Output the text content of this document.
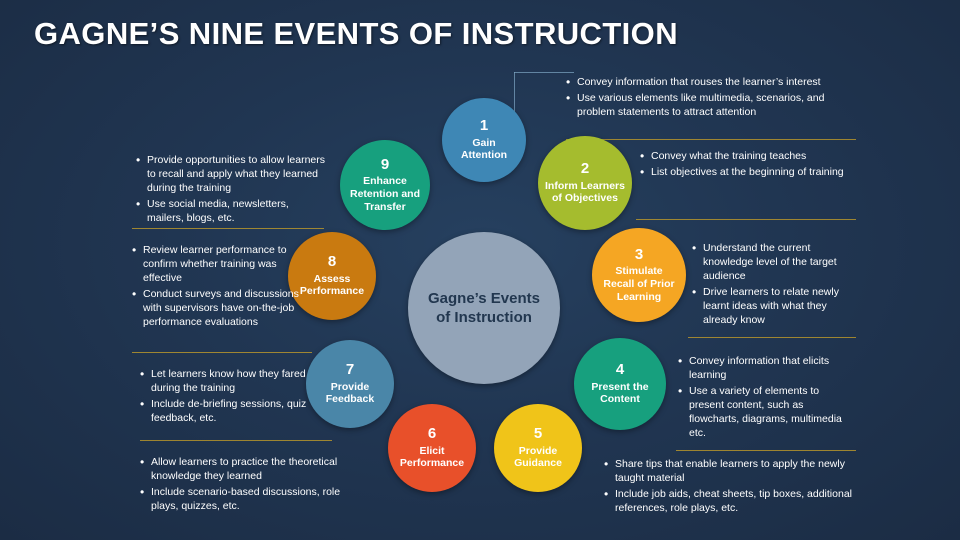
GAGNE’S NINE EVENTS OF INSTRUCTION
Gagne’s Events of Instruction
1
Gain Attention
2
Inform Learners of Objectives
3
Stimulate Recall of Prior Learning
4
Present the Content
5
Provide Guidance
6
Elicit Performance
7
Provide Feedback
8
Assess Performance
9
Enhance Retention and Transfer
• Convey information that rouses the learner’s interest
• Use various elements like multimedia, scenarios, and problem statements to attract attention
• Convey what the training teaches
• List objectives at the beginning of training
• Understand the current knowledge level of the target audience
• Drive learners to relate newly learnt ideas with what they already know
• Convey information that elicits learning
• Use a variety of elements to present content, such as flowcharts, diagrams, multimedia etc.
• Share tips that enable learners to apply the newly taught material
• Include job aids, cheat sheets, tip boxes, additional references, role plays, etc.
• Allow learners to practice the theoretical knowledge they learned
• Include scenario-based discussions, role plays, quizzes, etc.
• Let learners know how they fared during the training
• Include de-briefing sessions, quiz feedback, etc.
• Review learner performance to confirm whether training was effective
• Conduct surveys and discussions with supervisors have on-the-job performance evaluations
• Provide opportunities to allow learners to recall and apply what they learned during the training
• Use social media, newsletters, mailers, blogs, etc.
